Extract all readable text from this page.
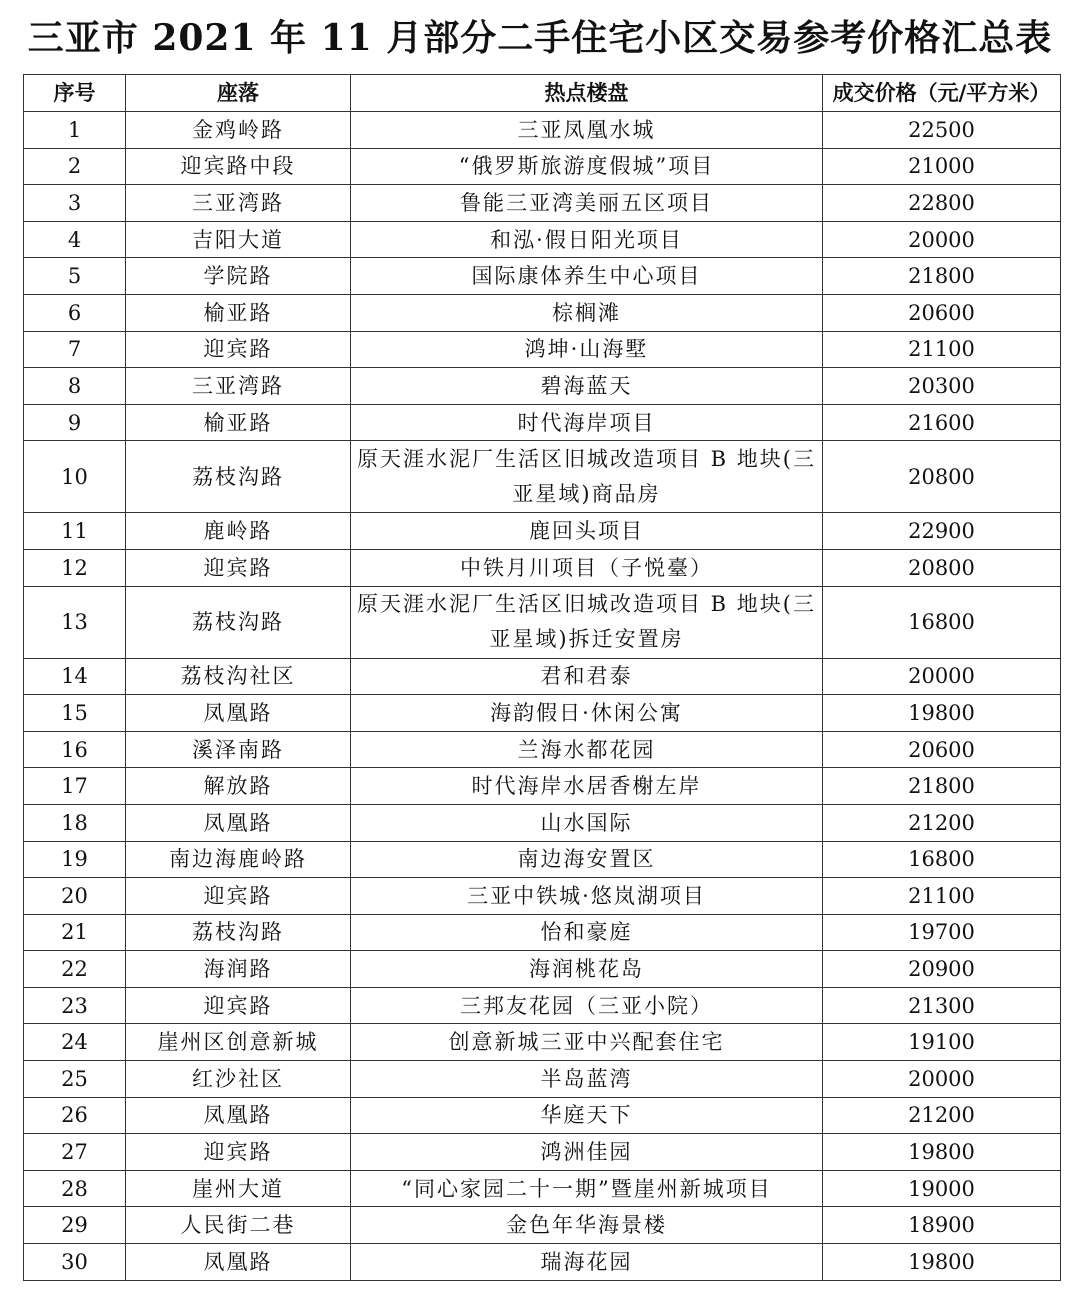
三亚市 2021 年 11 月部分二手住宅小区交易参考价格汇总表
序号	座落	热点楼盘	成交价格（元/平方米）
1	金鸡岭路	三亚凤凰水城	22500
2	迎宾路中段	“俄罗斯旅游度假城”项目	21000
3	三亚湾路	鲁能三亚湾美丽五区项目	22800
4	吉阳大道	和泓·假日阳光项目	20000
5	学院路	国际康体养生中心项目	21800
6	榆亚路	棕榈滩	20600
7	迎宾路	鸿坤·山海墅	21100
8	三亚湾路	碧海蓝天	20300
9	榆亚路	时代海岸项目	21600
10	荔枝沟路	原天涯水泥厂生活区旧城改造项目 B 地块(三亚星域)商品房	20800
11	鹿岭路	鹿回头项目	22900
12	迎宾路	中铁月川项目（子悦臺）	20800
13	荔枝沟路	原天涯水泥厂生活区旧城改造项目 B 地块(三亚星域)拆迁安置房	16800
14	荔枝沟社区	君和君泰	20000
15	凤凰路	海韵假日·休闲公寓	19800
16	溪泽南路	兰海水都花园	20600
17	解放路	时代海岸水居香榭左岸	21800
18	凤凰路	山水国际	21200
19	南边海鹿岭路	南边海安置区	16800
20	迎宾路	三亚中铁城·悠岚湖项目	21100
21	荔枝沟路	怡和豪庭	19700
22	海润路	海润桃花岛	20900
23	迎宾路	三邦友花园（三亚小院）	21300
24	崖州区创意新城	创意新城三亚中兴配套住宅	19100
25	红沙社区	半岛蓝湾	20000
26	凤凰路	华庭天下	21200
27	迎宾路	鸿洲佳园	19800
28	崖州大道	“同心家园二十一期”暨崖州新城项目	19000
29	人民街二巷	金色年华海景楼	18900
30	凤凰路	瑞海花园	19800
